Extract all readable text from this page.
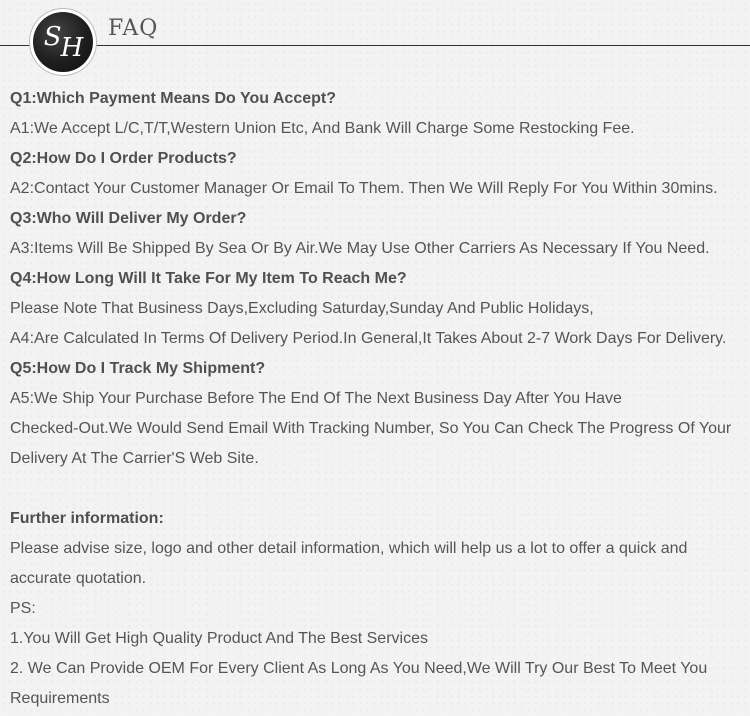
SH
FAQ
Q1:Which Payment Means Do You Accept?
A1:We Accept L/C,T/T,Western Union Etc, And Bank Will Charge Some Restocking Fee.
Q2:How Do I Order Products?
A2:Contact Your Customer Manager Or Email To Them. Then We Will Reply For You Within 30mins.
Q3:Who Will Deliver My Order?
A3:Items Will Be Shipped By Sea Or By Air.We May Use Other Carriers As Necessary If You Need.
Q4:How Long Will It Take For My Item To Reach Me?
Please Note That Business Days,Excluding Saturday,Sunday And Public Holidays,
A4:Are Calculated In Terms Of Delivery Period.In General,It Takes About 2-7 Work Days For Delivery.
Q5:How Do I Track My Shipment?
A5:We Ship Your Purchase Before The End Of The Next Business Day After You Have
Checked-Out.We Would Send Email With Tracking Number, So You Can Check The Progress Of Your
Delivery At The Carrier'S Web Site.
Further information:
Please advise size, logo and other detail information, which will help us a lot to offer a quick and
accurate quotation.
PS:
1.You Will Get High Quality Product And The Best Services
2. We Can Provide OEM For Every Client As Long As You Need,We Will Try Our Best To Meet You
Requirements
